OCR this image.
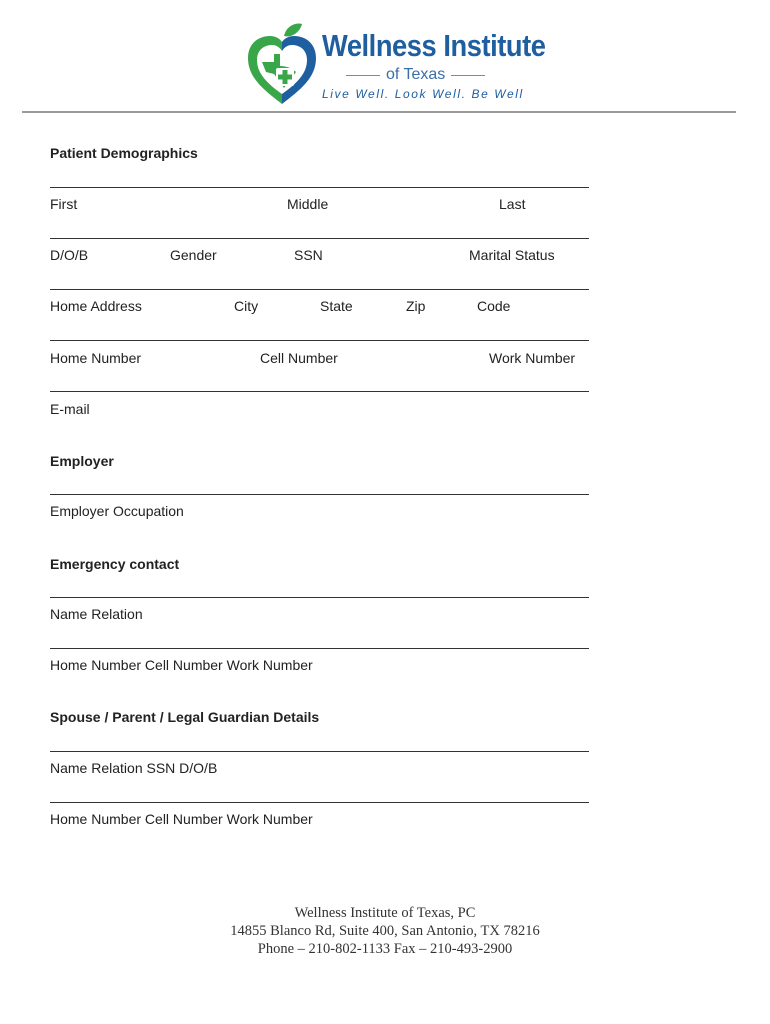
Wellness Institute
of Texas
Live Well. Look Well. Be Well
Patient Demographics
First	Middle	Last
D/O/B	Gender	SSN	Marital Status
Home Address	City	State	Zip	Code
Home Number	Cell Number	Work Number
E-mail
Employer
Employer Occupation
Emergency contact
Name Relation
Home Number Cell Number Work Number
Spouse / Parent / Legal Guardian Details
Name Relation SSN D/O/B
Home Number Cell Number Work Number
Wellness Institute of Texas, PC
14855 Blanco Rd, Suite 400, San Antonio, TX 78216
Phone – 210-802-1133 Fax – 210-493-2900
